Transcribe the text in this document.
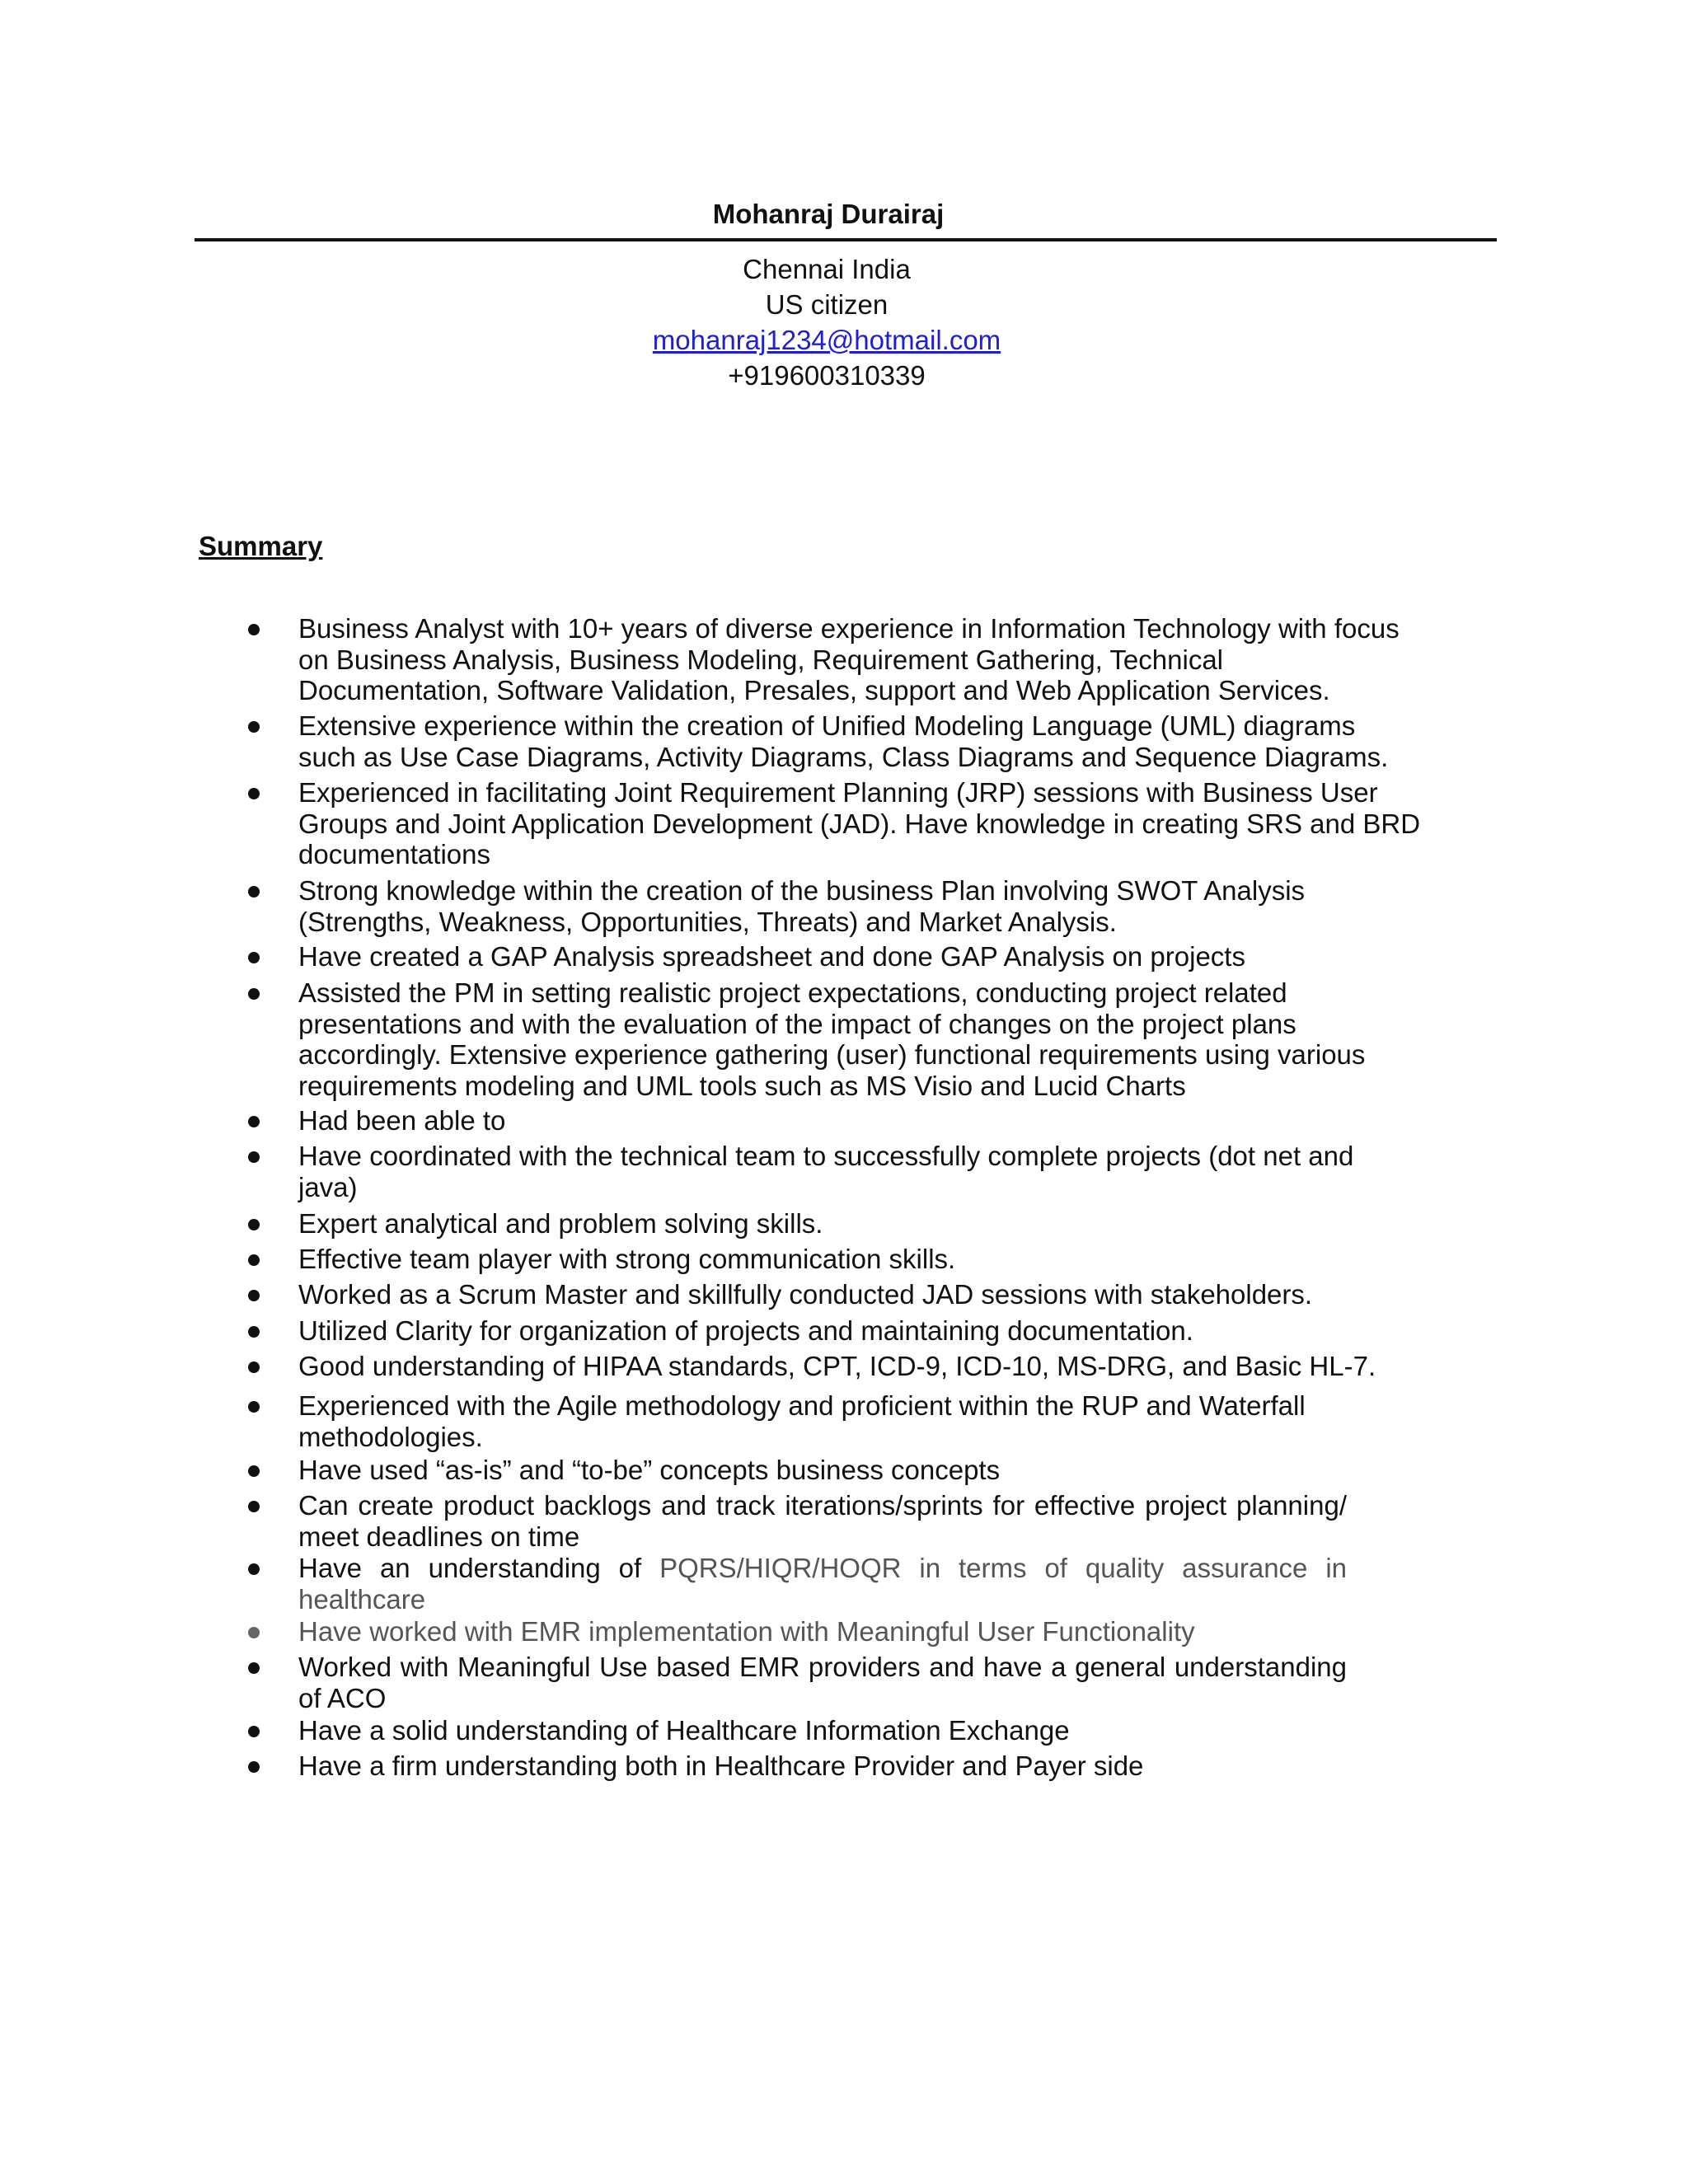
Mohanraj Durairaj
Chennai India
US citizen
mohanraj1234@hotmail.com
+919600310339
Summary
Business Analyst with 10+ years of diverse experience in Information Technology with focus
on Business Analysis, Business Modeling, Requirement Gathering, Technical
Documentation, Software Validation, Presales, support and Web Application Services.
Extensive experience within the creation of Unified Modeling Language (UML) diagrams
such as Use Case Diagrams, Activity Diagrams, Class Diagrams and Sequence Diagrams.
Experienced in facilitating Joint Requirement Planning (JRP) sessions with Business User
Groups and Joint Application Development (JAD). Have knowledge in creating SRS and BRD
documentations
Strong knowledge within the creation of the business Plan involving SWOT Analysis
(Strengths, Weakness, Opportunities, Threats) and Market Analysis.
Have created a GAP Analysis spreadsheet and done GAP Analysis on projects
Assisted the PM in setting realistic project expectations, conducting project related
presentations and with the evaluation of the impact of changes on the project plans
accordingly. Extensive experience gathering (user) functional requirements using various
requirements modeling and UML tools such as MS Visio and Lucid Charts
Had been able to
Have coordinated with the technical team to successfully complete projects (dot net and
java)
Expert analytical and problem solving skills.
Effective team player with strong communication skills.
Worked as a Scrum Master and skillfully conducted JAD sessions with stakeholders.
Utilized Clarity for organization of projects and maintaining documentation.
Good understanding of HIPAA standards, CPT, ICD-9, ICD-10, MS-DRG, and Basic HL-7.
Experienced with the Agile methodology and proficient within the RUP and Waterfall
methodologies.
Have used “as-is” and “to-be” concepts business concepts
Can create product backlogs and track iterations/sprints for effective project planning/ meet deadlines on time
Have an understanding of PQRS/HIQR/HOQR in terms of quality assurance in healthcare
Have worked with EMR implementation with Meaningful User Functionality
Worked with Meaningful Use based EMR providers and have a general understanding of ACO
Have a solid understanding of Healthcare Information Exchange
Have a firm understanding both in Healthcare Provider and Payer side
